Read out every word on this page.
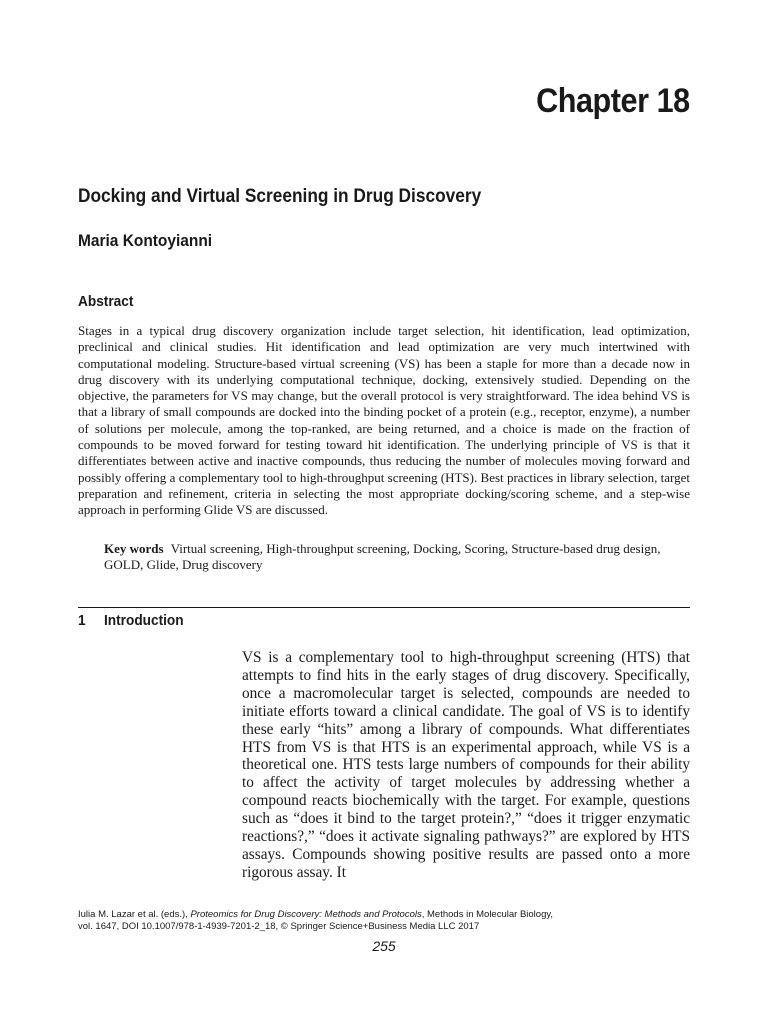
Chapter 18
Docking and Virtual Screening in Drug Discovery
Maria Kontoyianni
Abstract

Stages in a typical drug discovery organization include target selection, hit identification, lead optimization, preclinical and clinical studies. Hit identification and lead optimization are very much intertwined with computational modeling. Structure-based virtual screening (VS) has been a staple for more than a decade now in drug discovery with its underlying computational technique, docking, extensively studied. Depending on the objective, the parameters for VS may change, but the overall protocol is very straightforward. The idea behind VS is that a library of small compounds are docked into the binding pocket of a protein (e.g., receptor, enzyme), a number of solutions per molecule, among the top-ranked, are being returned, and a choice is made on the fraction of compounds to be moved forward for testing toward hit identification. The underlying principle of VS is that it differentiates between active and inactive compounds, thus reducing the number of molecules moving forward and possibly offering a complementary tool to high-throughput screening (HTS). Best practices in library selection, target preparation and refinement, criteria in selecting the most appropriate docking/scoring scheme, and a step-wise approach in performing Glide VS are discussed.

Key words Virtual screening, High-throughput screening, Docking, Scoring, Structure-based drug design, GOLD, Glide, Drug discovery

1 Introduction

VS is a complementary tool to high-throughput screening (HTS) that attempts to find hits in the early stages of drug discovery. Specifically, once a macromolecular target is selected, compounds are needed to initiate efforts toward a clinical candidate. The goal of VS is to identify these early “hits” among a library of compounds. What differentiates HTS from VS is that HTS is an experimental approach, while VS is a theoretical one. HTS tests large numbers of compounds for their ability to affect the activity of target molecules by addressing whether a compound reacts biochemically with the target. For example, questions such as “does it bind to the target protein?,” “does it trigger enzymatic reactions?,” “does it activate signaling pathways?” are explored by HTS assays. Compounds showing positive results are passed onto a more rigorous assay. It

Iulia M. Lazar et al. (eds.), Proteomics for Drug Discovery: Methods and Protocols, Methods in Molecular Biology,
vol. 1647, DOI 10.1007/978-1-4939-7201-2_18, © Springer Science+Business Media LLC 2017
255
